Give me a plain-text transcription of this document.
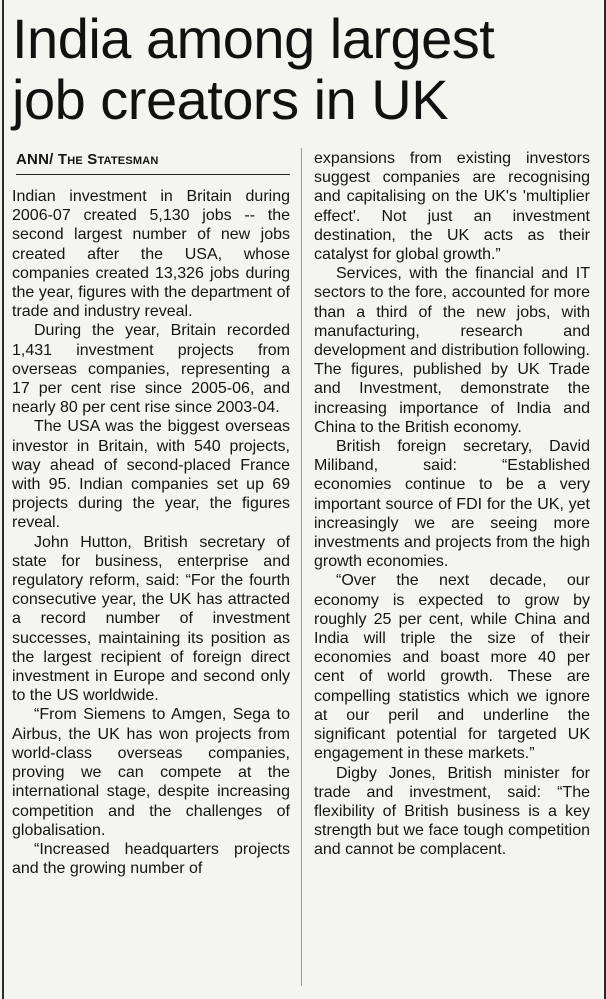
India among largest
job creators in UK
ANN/ The Statesman

Indian investment in Britain during 2006-07 created 5,130 jobs -- the second largest number of new jobs created after the USA, whose companies created 13,326 jobs during the year, figures with the department of trade and industry reveal.

During the year, Britain recorded 1,431 investment projects from overseas companies, representing a 17 per cent rise since 2005-06, and nearly 80 per cent rise since 2003-04.

The USA was the biggest overseas investor in Britain, with 540 projects, way ahead of second-placed France with 95. Indian companies set up 69 projects during the year, the figures reveal.

John Hutton, British secretary of state for business, enterprise and regulatory reform, said: “For the fourth consecutive year, the UK has attracted a record number of investment successes, maintaining its position as the largest recipient of foreign direct investment in Europe and second only to the US worldwide.

“From Siemens to Amgen, Sega to Airbus, the UK has won projects from world-class overseas companies, proving we can compete at the international stage, despite increasing competition and the challenges of globalisation.

“Increased headquarters projects and the growing number of

expansions from existing investors suggest companies are recognising and capitalising on the UK's 'multiplier effect'. Not just an investment destination, the UK acts as their catalyst for global growth.”

Services, with the financial and IT sectors to the fore, accounted for more than a third of the new jobs, with manufacturing, research and development and distribution following. The figures, published by UK Trade and Investment, demonstrate the increasing importance of India and China to the British economy.

British foreign secretary, David Miliband, said: “Established economies continue to be a very important source of FDI for the UK, yet increasingly we are seeing more investments and projects from the high growth economies.

“Over the next decade, our economy is expected to grow by roughly 25 per cent, while China and India will triple the size of their economies and boast more 40 per cent of world growth. These are compelling statistics which we ignore at our peril and underline the significant potential for targeted UK engagement in these markets.”

Digby Jones, British minister for trade and investment, said: “The flexibility of British business is a key strength but we face tough competition and cannot be complacent.
